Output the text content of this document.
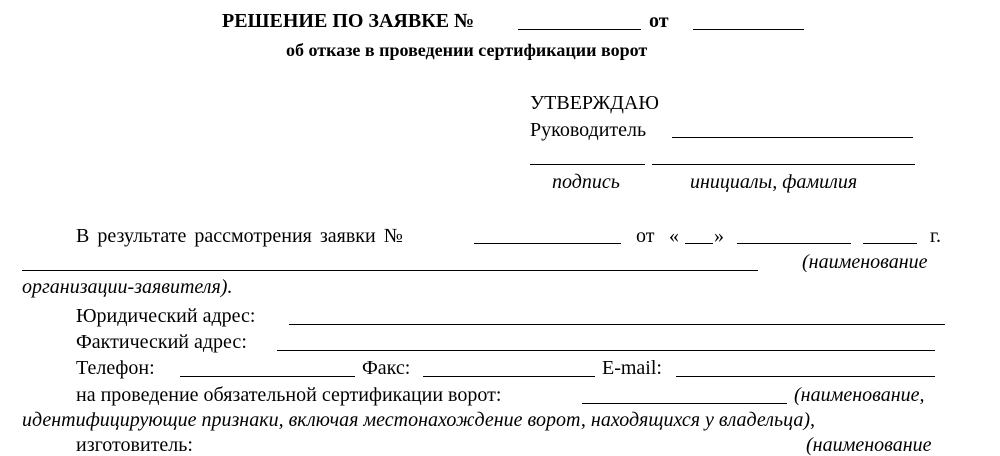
РЕШЕНИЕ ПО ЗАЯВКЕ №	от
об отказе в проведении сертификации ворот
УТВЕРЖДАЮ
Руководитель
подпись	инициалы, фамилия
В результате рассмотрения заявки №	от « »	г.
(наименование
организации-заявителя).
Юридический адрес:
Фактический адрес:
Телефон:	Факс:	E-mail:
на проведение обязательной сертификации ворот:	(наименование,
идентифицирующие признаки, включая местонахождение ворот, находящихся у владельца),
изготовитель:	(наименование
